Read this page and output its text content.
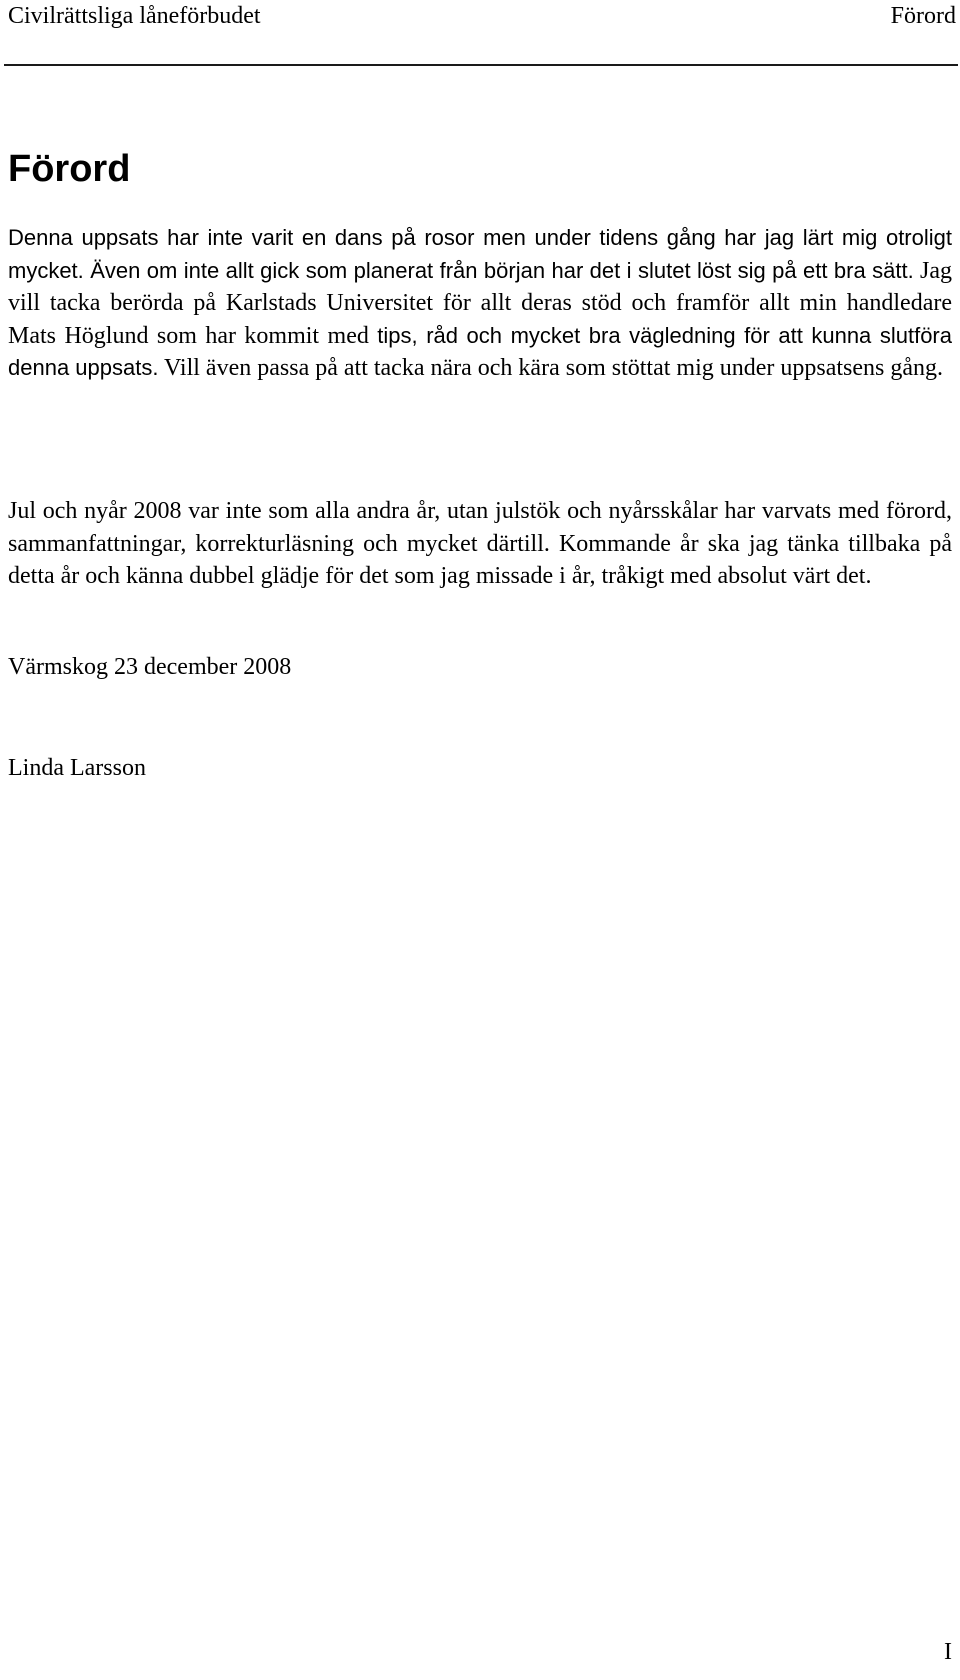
Civilrättsliga låneförbudet	Förord
Förord

Denna uppsats har inte varit en dans på rosor men under tidens gång har jag lärt mig otroligt mycket. Även om inte allt gick som planerat från början har det i slutet löst sig på ett bra sätt. Jag vill tacka berörda på Karlstads Universitet för allt deras stöd och framför allt min handledare Mats Höglund som har kommit med tips, råd och mycket bra vägledning för att kunna slutföra denna uppsats. Vill även passa på att tacka nära och kära som stöttat mig under uppsatsens gång.

Jul och nyår 2008 var inte som alla andra år, utan julstök och nyårsskålar har varvats med förord, sammanfattningar, korrekturläsning och mycket därtill. Kommande år ska jag tänka tillbaka på detta år och känna dubbel glädje för det som jag missade i år, tråkigt med absolut värt det.

Värmskog 23 december 2008

Linda Larsson

I
